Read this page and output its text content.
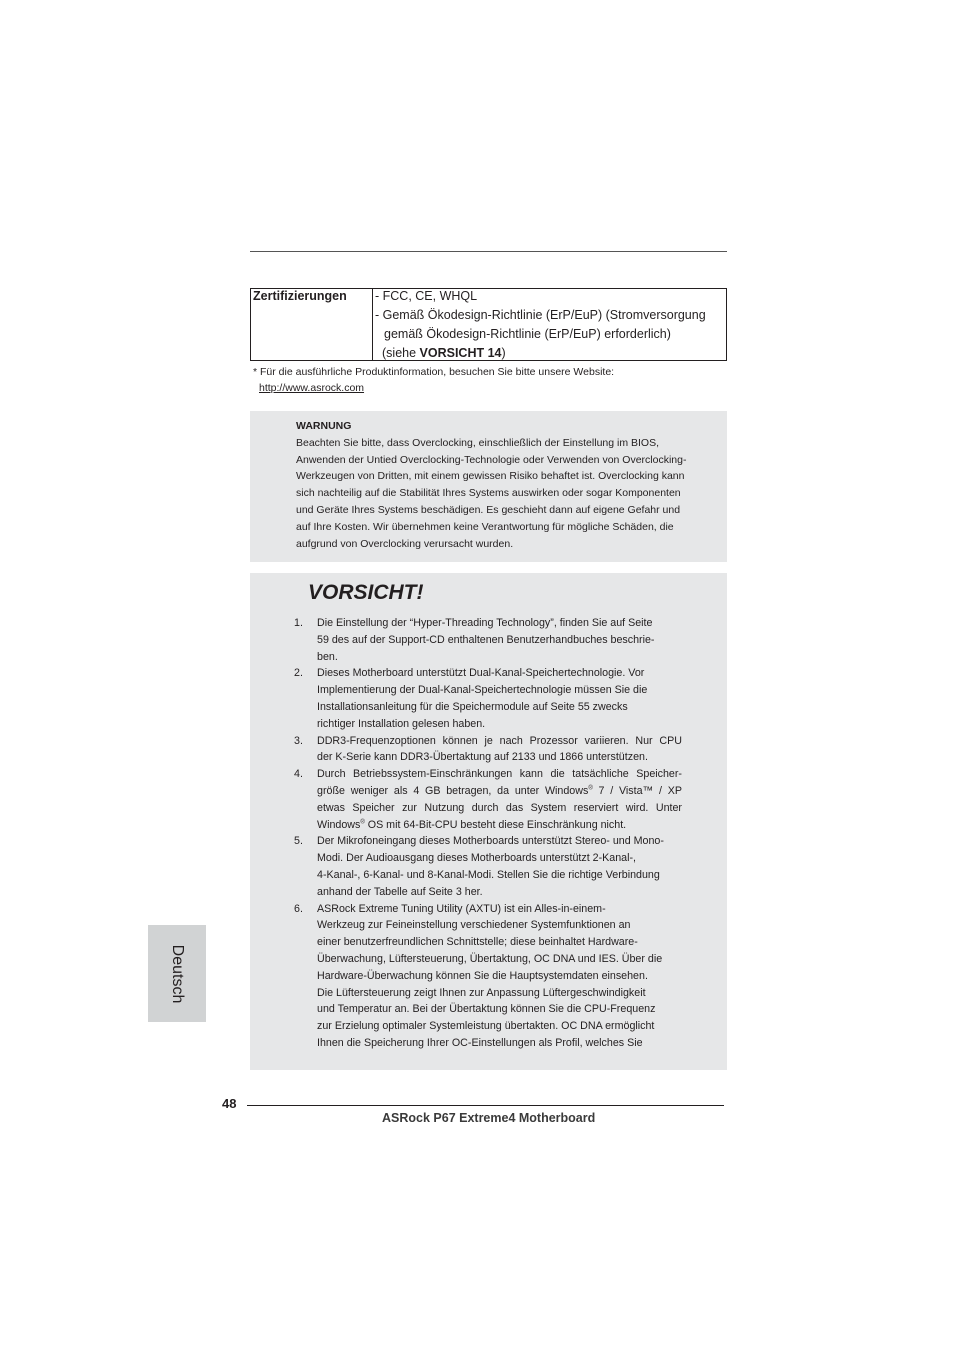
Zertifizierungen - FCC, CE, WHQL
- Gemäß Ökodesign-Richtlinie (ErP/EuP) (Stromversorgung
gemäß Ökodesign-Richtlinie (ErP/EuP) erforderlich)
(siehe VORSICHT 14)
* Für die ausführliche Produktinformation, besuchen Sie bitte unsere Website:
http://www.asrock.com
WARNUNG
Beachten Sie bitte, dass Overclocking, einschließlich der Einstellung im BIOS,
Anwenden der Untied Overclocking-Technologie oder Verwenden von Overclocking-
Werkzeugen von Dritten, mit einem gewissen Risiko behaftet ist. Overclocking kann
sich nachteilig auf die Stabilität Ihres Systems auswirken oder sogar Komponenten
und Geräte Ihres Systems beschädigen. Es geschieht dann auf eigene Gefahr und
auf Ihre Kosten. Wir übernehmen keine Verantwortung für mögliche Schäden, die
aufgrund von Overclocking verursacht wurden.
VORSICHT!
1. Die Einstellung der “Hyper-Threading Technology”, finden Sie auf Seite
59 des auf der Support-CD enthaltenen Benutzerhandbuches beschrie-
ben.
2. Dieses Motherboard unterstützt Dual-Kanal-Speichertechnologie. Vor
Implementierung der Dual-Kanal-Speichertechnologie müssen Sie die
Installationsanleitung für die Speichermodule auf Seite 55 zwecks
richtiger Installation gelesen haben.
3. DDR3-Frequenzoptionen können je nach Prozessor variieren. Nur CPU
der K-Serie kann DDR3-Übertaktung auf 2133 und 1866 unterstützen.
4. Durch Betriebssystem-Einschränkungen kann die tatsächliche Speicher-
größe weniger als 4 GB betragen, da unter Windows® 7 / Vista™ / XP
etwas Speicher zur Nutzung durch das System reserviert wird. Unter
Windows® OS mit 64-Bit-CPU besteht diese Einschränkung nicht.
5. Der Mikrofoneingang dieses Motherboards unterstützt Stereo- und Mono-
Modi. Der Audioausgang dieses Motherboards unterstützt 2-Kanal-,
4-Kanal-, 6-Kanal- und 8-Kanal-Modi. Stellen Sie die richtige Verbindung
anhand der Tabelle auf Seite 3 her.
6. ASRock Extreme Tuning Utility (AXTU) ist ein Alles-in-einem-
Werkzeug zur Feineinstellung verschiedener Systemfunktionen an
einer benutzerfreundlichen Schnittstelle; diese beinhaltet Hardware-
Überwachung, Lüftersteuerung, Übertaktung, OC DNA und IES. Über die
Hardware-Überwachung können Sie die Hauptsystemdaten einsehen.
Die Lüftersteuerung zeigt Ihnen zur Anpassung Lüftergeschwindigkeit
und Temperatur an. Bei der Übertaktung können Sie die CPU-Frequenz
zur Erzielung optimaler Systemleistung übertakten. OC DNA ermöglicht
Ihnen die Speicherung Ihrer OC-Einstellungen als Profil, welches Sie
Deutsch
48
ASRock P67 Extreme4 Motherboard
